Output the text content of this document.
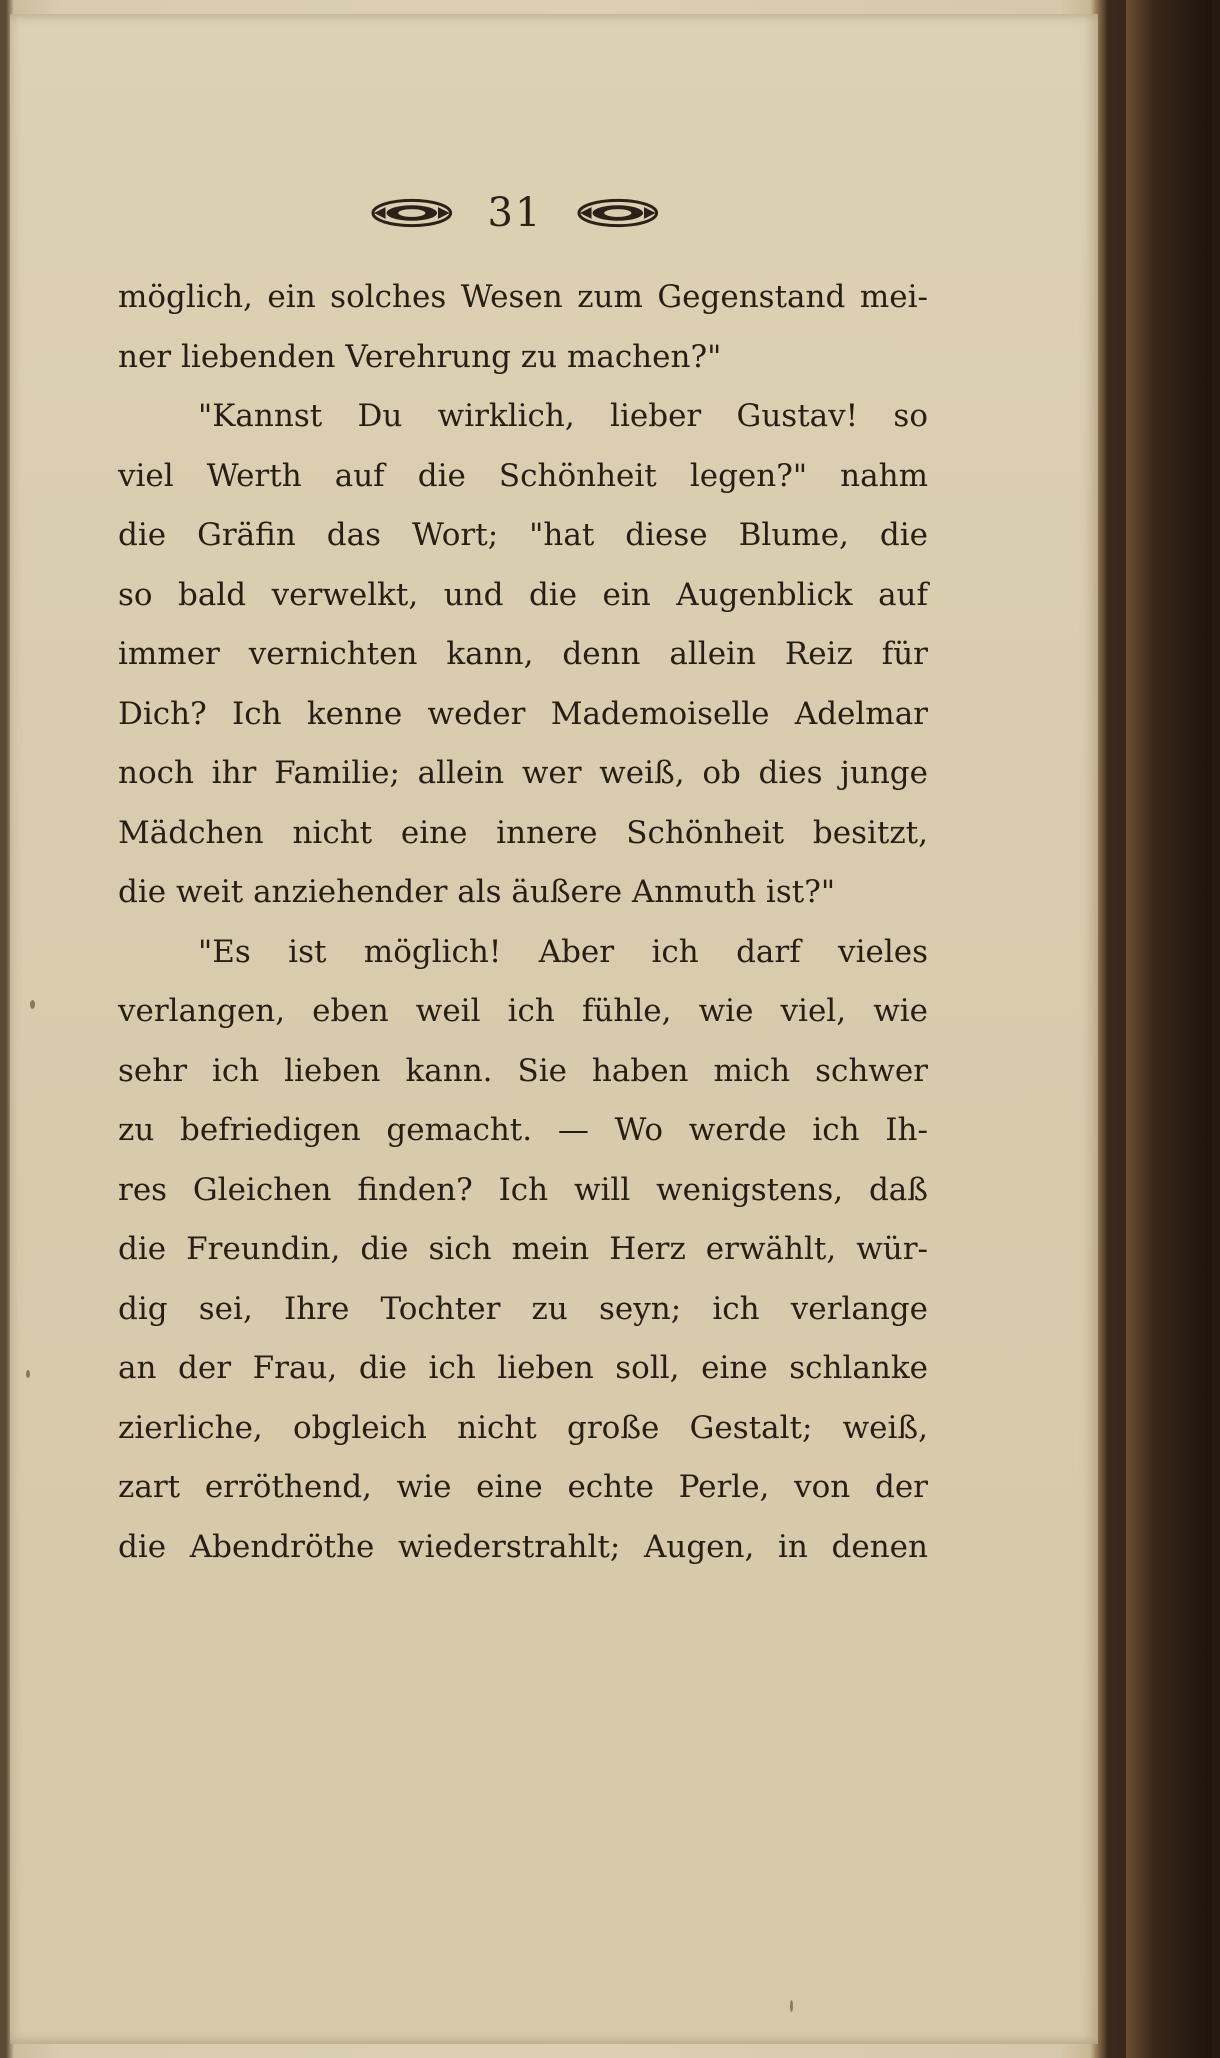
31
möglich, ein solches Wesen zum Gegenstand mei-
ner liebenden Verehrung zu machen?"
"Kannst Du wirklich, lieber Gustav! so
viel Werth auf die Schönheit legen?" nahm
die Gräfin das Wort; "hat diese Blume, die
so bald verwelkt, und die ein Augenblick auf
immer vernichten kann, denn allein Reiz für
Dich? Ich kenne weder Mademoiselle Adelmar
noch ihr Familie; allein wer weiß, ob dies junge
Mädchen nicht eine innere Schönheit besitzt,
die weit anziehender als äußere Anmuth ist?"
"Es ist möglich! Aber ich darf vieles
verlangen, eben weil ich fühle, wie viel, wie
sehr ich lieben kann. Sie haben mich schwer
zu befriedigen gemacht. — Wo werde ich Ih-
res Gleichen finden? Ich will wenigstens, daß
die Freundin, die sich mein Herz erwählt, wür-
dig sei, Ihre Tochter zu seyn; ich verlange
an der Frau, die ich lieben soll, eine schlanke
zierliche, obgleich nicht große Gestalt; weiß,
zart erröthend, wie eine echte Perle, von der
die Abendröthe wiederstrahlt; Augen, in denen
